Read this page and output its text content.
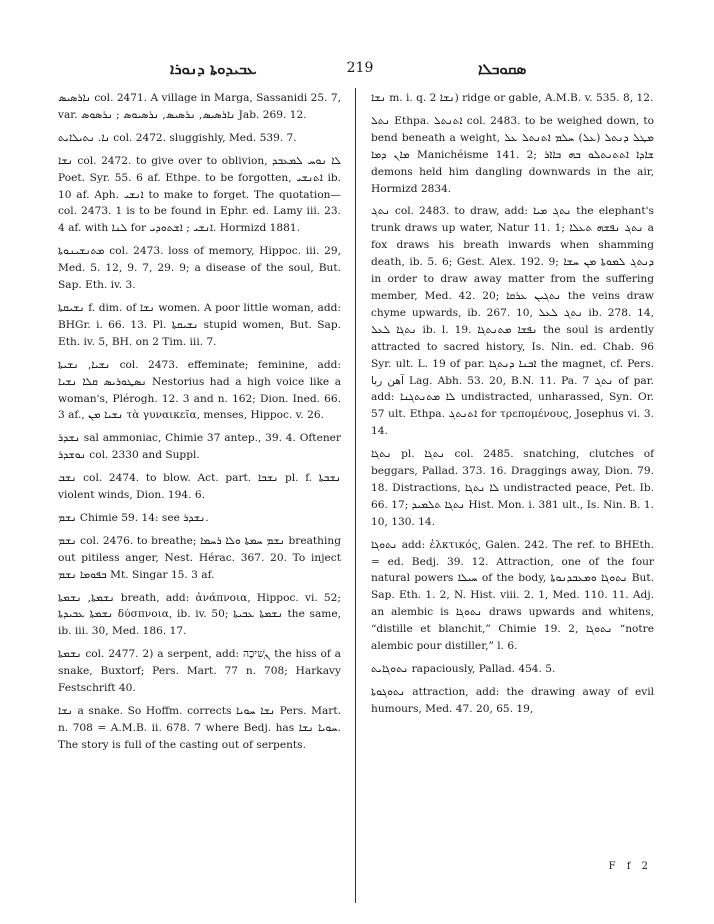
ܥܒܝܕܘܬܐ ܕܢܘܪܐ	219	ܣܩܘܒܠܐ

ܢܐܪܣܝܣ col. 2471. A village in Marga, Sassanidi 25. 7, var. ܢܐܪܣܝܣ, ܢܪܣܝܣ, ܢܪܣܝܘܣ ; ܢܪܣܘܣ Jab. 269. 12.

ܢܐ. ܢܬܝܠܐܝܬ col. 2472. sluggishly, Med. 539. 7.

ܢܫܐ col. 2472. to give over to oblivion, ܠܐ ܢܘܚ ܠܡܥܒܕ Poet. Syr. 55. 6 af. Ethpe. to be forgotten, ܐܬܢܫܝ ib. 10 af. Aph. ܐܢܫܝ to make to forget. The quotation—col. 2473. 1 is to be found in Ephr. ed. Lamy iii. 23. 4 af. with ܠܢܐ for ܐܢܫܝ ; ܐܫܬܘܕܝ. Hormizd 1881.

ܡܬܢܫܝܢܘܬܐ col. 2473. loss of memory, Hippoc. iii. 29, Med. 5. 12, 9. 7, 29. 9; a disease of the soul, But. Sap. Eth. iv. 3.

ܢܫܝܩܬܐ f. dim. of ܢܫܐ women. A poor little woman, add: BHGr. i. 66. 13. Pl. ܢܫܝܩܬܐ stupid women, But. Sap. Eth. iv. 5, BH. on 2 Tim. iii. 7.

ܢܫܝܐ, ܢܫܝܬܐ col. 2473. effeminate; feminine, add: ܢܣܛܘܪܝܣ ܩܠܐ ܢܫܝܐ Nestorius had a high voice like a woman's, Plérogh. 12. 3 and n. 162; Dion. Ined. 66. 3 af., ܢܫܝܐ ܡܢ τὰ γυναικεῖα, menses, Hippoc. v. 26.

ܢܫܕܪ sal ammoniac, Chimie 37 antep., 39. 4. Oftener ܢܘܫܕܪ col. 2330 and Suppl.

ܢܫܒ col. 2474. to blow. Act. part. ܢܫܒܐ pl. f. ܢܫܒܬܐ violent winds, Dion. 194. 6.

ܢܫܡ Chimie 59. 14: see ܢܫܕܪ.

ܢܫܡ col. 2476. to breathe; ܢܫܡ ܚܡܬܐ ܘܠܐ ܪܚܡܐ breathing out pitiless anger, Nest. Hérac. 367. 20. To inject ܒܦܘܡܐ ܢܫܡ Mt. Singar 15. 3 af.

ܢܫܡܬܐ, ܢܫܡܬܐ breath, add: ἀνάπνοια, Hippoc. vi. 52; ܢܫܡܬܐ ܥܒܝܕܬܐ δύσπνοια, ib. iv. 50; ܢܫܡܬܐ ܥܒܝܬܐ the same, ib. iii. 30, Med. 186. 17.

ܢܫܡܬܐ col. 2477. 2) a serpent, add: ܢְשִׁיכָה the hiss of a snake, Buxtorf; Pers. Mart. 77 n. 708; Harkavy Festschrift 40.

ܢܫܐ a snake. So Hoffm. corrects ܢܫܐ ܚܘܝܐ Pers. Mart. n. 708 = A.M.B. ii. 678. 7 where Bedj. has ܚܘܝܐ ܢܫܐ. The story is full of the casting out of serpents.

ܢܫܐ m. i. q. ܢܫܐ 2) ridge or gable, A.M.B. v. 535. 8, 12.

ܢܬܠ Ethpa. ܐܬܢܬܠ col. 2483. to be weighed down, to bend beneath a weight, ܡܛܠ ܕܢܬܠ (ܥܠ) ܚܠܡ ܐܬܢܬܠ ܥܠ ܡܐܢ ܕܡܐ Manichéisme 141. 2; ܫܐܕܐ ܐܬܬܢܬܠܘ ܒܗ ܒܐܐܪ demons held him dangling downwards in the air, Hormizd 2834.

ܢܬܓ col. 2483. to draw, add: ܢܬܓ ܡܝܐ the elephant's trunk draws up water, Natur 11. 1; ܢܬܓ ܢܦܫܗ ܬܥܠܐ a fox draws his breath inwards when shamming death, ib. 5. 6; Gest. Alex. 192. 9; ܕܢܬܓ ܠܡܘܬܐ ܡܢ ܚܫܐ in order to draw away matter from the suffering member, Med. 42. 20; ܢܬܓܝܢ ܥܪܩܐ the veins draw chyme upwards, ib. 267. 10, ܢܬܓ ܠܥܠ ib. 278. 14, ܢܬܓܐ ܠܥܠ ib. l. 19. ܢܦܫܐ ܡܬܢܬܓܐ the soul is ardently attracted to sacred history, Is. Nin. ed. Chab. 96 Syr. ult. L. 19 of par. ܐܒܢܐ ܕܢܬܓܐ the magnet, cf. Pers. آهن ربا Lag. Abh. 53. 20, B.N. 11. Pa. ܢܬܓ 7 of par. add: ܠܐ ܡܬܢܬܓܢܐ undistracted, unharassed, Syn. Or. 57 ult. Ethpa. ܐܬܢܬܓ for τρεπομένους, Josephus vi. 3. 14.

ܢܬܓܐ pl. ܢܬܓܐ col. 2485. snatching, clutches of beggars, Pallad. 373. 16. Draggings away, Dion. 79. 18. Distractions, ܠܐ ܢܬܓܐ undistracted peace, Pet. Ib. 66. 17; ܢܬܓܐ ܬܠܡܝܕ Hist. Mon. i. 381 ult., Is. Nin. B. 1. 10, 130. 14.

ܢܬܘܓܐ add: ἑλκτικός, Galen. 242. The ref. to BHEth. = ed. Bedj. 39. 12. Attraction, one of the four natural powers ܚܝܠܐ of the body, ܢܬܘܓܐ ܘܡܥܒܕܢܘܬܐ But. Sap. Eth. 1. 2, N. Hist. viii. 2. 1, Med. 110. 11. Adj. an alembic is ܢܬܘܓܐ draws upwards and whitens, “distille et blanchit,” Chimie 19. 2, ܢܬܘܓܐ “notre alembic pour distiller,” l. 6.

ܢܬܘܓܐܝܬ rapaciously, Pallad. 454. 5.

ܢܬܘܓܘܬܐ attraction, add: the drawing away of evil humours, Med. 47. 20, 65. 19,

F f 2
